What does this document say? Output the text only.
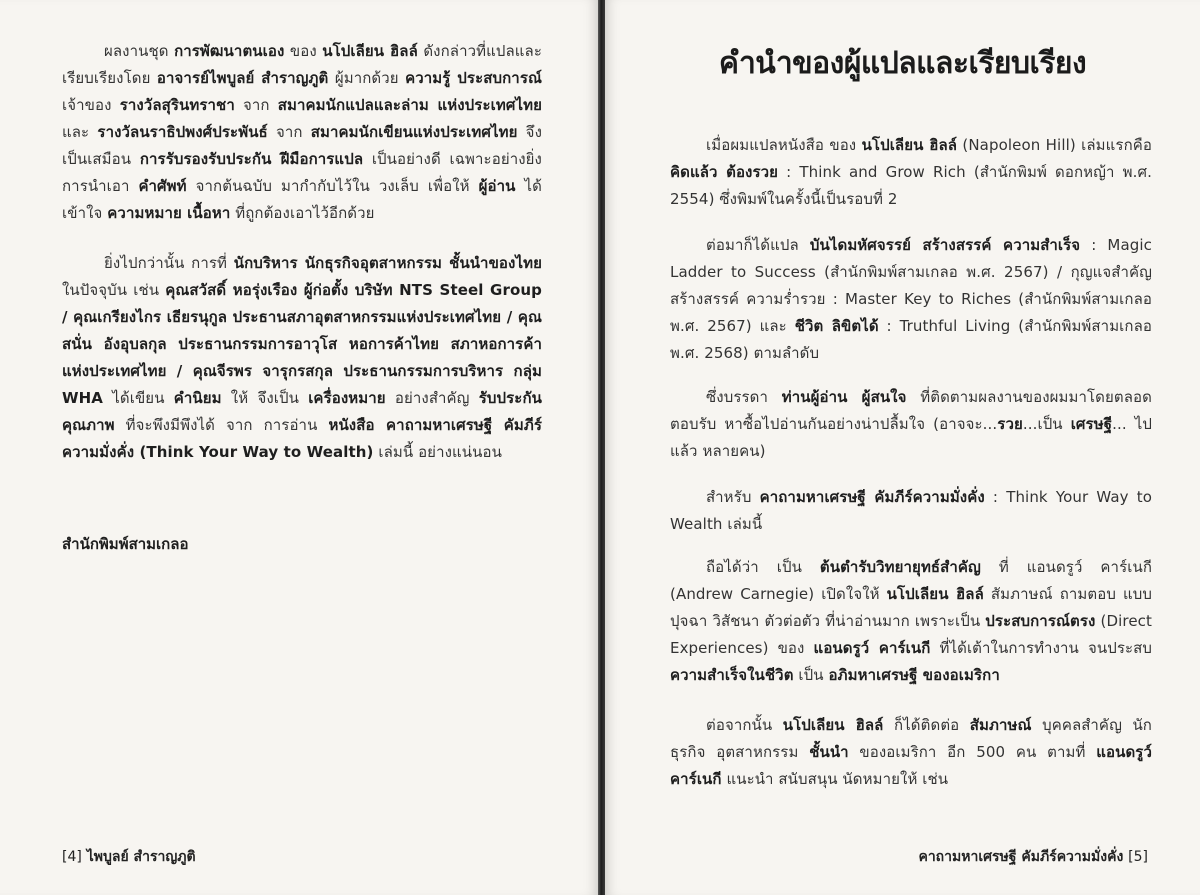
ผลงานชุด การพัฒนาตนเอง ของ นโปเลียน ฮิลล์ ดังกล่าวที่แปลและเรียบเรียงโดย อาจารย์ไพบูลย์ สำราญภูติ ผู้มากด้วย ความรู้ ประสบการณ์ เจ้าของ รางวัลสุรินทราชา จาก สมาคมนักแปลและล่าม แห่งประเทศไทย และ รางวัลนราธิปพงศ์ประพันธ์ จาก สมาคมนักเขียนแห่งประเทศไทย จึงเป็นเสมือน การรับรองรับประกัน ฝีมือการแปล เป็นอย่างดี เฉพาะอย่างยิ่งการนำเอา คำศัพท์ จากต้นฉบับ มากำกับไว้ใน วงเล็บ เพื่อให้ ผู้อ่าน ได้เข้าใจ ความหมาย เนื้อหา ที่ถูกต้องเอาไว้อีกด้วย

ยิ่งไปกว่านั้น การที่ นักบริหาร นักธุรกิจอุตสาหกรรม ชั้นนำของไทยในปัจจุบัน เช่น คุณสวัสดิ์ หอรุ่งเรือง ผู้ก่อตั้ง บริษัท NTS Steel Group / คุณเกรียงไกร เธียรนุกูล ประธานสภาอุตสาหกรรมแห่งประเทศไทย / คุณสนั่น อังอุบลกุล ประธานกรรมการอาวุโส หอการค้าไทย สภาหอการค้าแห่งประเทศไทย / คุณจีรพร จารุกรสกุล ประธานกรรมการบริหาร กลุ่ม WHA ได้เขียน คำนิยม ให้ จึงเป็น เครื่องหมาย อย่างสำคัญ รับประกัน คุณภาพ ที่จะพึงมีพึงได้ จาก การอ่าน หนังสือ คาถามหาเศรษฐี คัมภีร์ความมั่งคั่ง (Think Your Way to Wealth) เล่มนี้ อย่างแน่นอน

สำนักพิมพ์สามเกลอ
[4] ไพบูลย์ สำราญภูติ
คำนำของผู้แปลและเรียบเรียง

เมื่อผมแปลหนังสือ ของ นโปเลียน ฮิลล์ (Napoleon Hill) เล่มแรกคือ คิดแล้ว ต้องรวย : Think and Grow Rich (สำนักพิมพ์ ดอกหญ้า พ.ศ. 2554) ซึ่งพิมพ์ในครั้งนี้เป็นรอบที่ 2

ต่อมาก็ได้แปล บันไดมหัศจรรย์ สร้างสรรค์ ความสำเร็จ : Magic Ladder to Success (สำนักพิมพ์สามเกลอ พ.ศ. 2567) / กุญแจสำคัญ สร้างสรรค์ ความร่ำรวย : Master Key to Riches (สำนักพิมพ์สามเกลอ พ.ศ. 2567) และ ชีวิต ลิขิตได้ : Truthful Living (สำนักพิมพ์สามเกลอ พ.ศ. 2568) ตามลำดับ

ซึ่งบรรดา ท่านผู้อ่าน ผู้สนใจ ที่ติดตามผลงานของผมมาโดยตลอด ตอบรับ หาซื้อไปอ่านกันอย่างน่าปลื้มใจ (อาจจะ...รวย...เป็น เศรษฐี... ไปแล้ว หลายคน)

สำหรับ คาถามหาเศรษฐี คัมภีร์ความมั่งคั่ง : Think Your Way to Wealth เล่มนี้

ถือได้ว่า เป็น ต้นตำรับวิทยายุทธ์สำคัญ ที่ แอนดรูว์ คาร์เนกี (Andrew Carnegie) เปิดใจให้ นโปเลียน ฮิลล์ สัมภาษณ์ ถามตอบ แบบ ปุจฉา วิสัชนา ตัวต่อตัว ที่น่าอ่านมาก เพราะเป็น ประสบการณ์ตรง (Direct Experiences) ของ แอนดรูว์ คาร์เนกี ที่ได้เต้าในการทำงาน จนประสบ ความสำเร็จในชีวิต เป็น อภิมหาเศรษฐี ของอเมริกา

ต่อจากนั้น นโปเลียน ฮิลล์ ก็ได้ติดต่อ สัมภาษณ์ บุคคลสำคัญ นักธุรกิจ อุตสาหกรรม ชั้นนำ ของอเมริกา อีก 500 คน ตามที่ แอนดรูว์ คาร์เนกี แนะนำ สนับสนุน นัดหมายให้ เช่น

คาถามหาเศรษฐี คัมภีร์ความมั่งคั่ง [5]
